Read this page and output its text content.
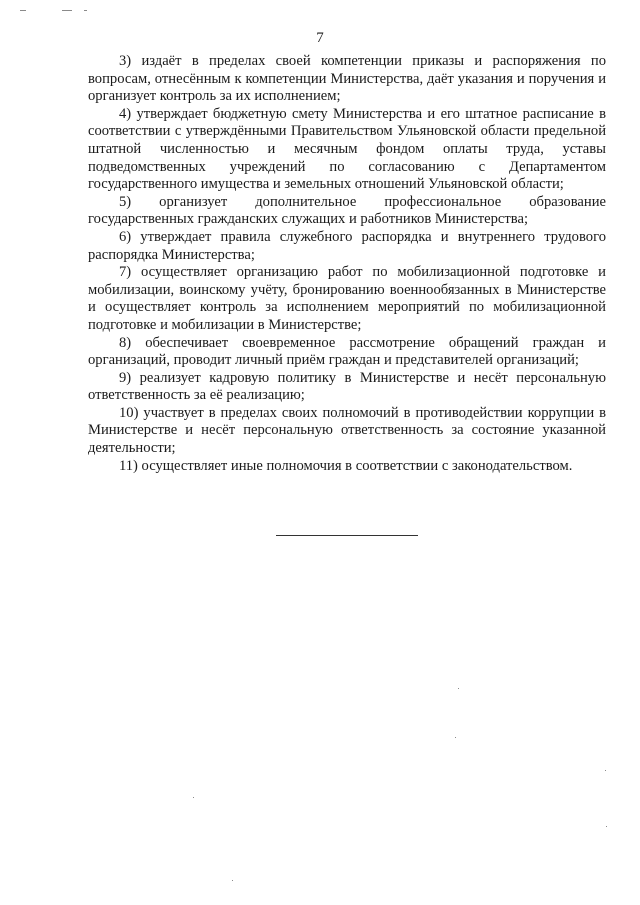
7

3) издаёт в пределах своей компетенции приказы и распоряжения по вопросам, отнесённым к компетенции Министерства, даёт указания и поручения и организует контроль за их исполнением;

4) утверждает бюджетную смету Министерства и его штатное расписание в соответствии с утверждёнными Правительством Ульяновской области предельной штатной численностью и месячным фондом оплаты труда, уставы подведомственных учреждений по согласованию с Департаментом государственного имущества и земельных отношений Ульяновской области;

5) организует дополнительное профессиональное образование государственных гражданских служащих и работников Министерства;

6) утверждает правила служебного распорядка и внутреннего трудового распорядка Министерства;

7) осуществляет организацию работ по мобилизационной подготовке и мобилизации, воинскому учёту, бронированию военнообязанных в Министерстве и осуществляет контроль за исполнением мероприятий по мобилизационной подготовке и мобилизации в Министерстве;

8) обеспечивает своевременное рассмотрение обращений граждан и организаций, проводит личный приём граждан и представителей организаций;

9) реализует кадровую политику в Министерстве и несёт персональную ответственность за её реализацию;

10) участвует в пределах своих полномочий в противодействии коррупции в Министерстве и несёт персональную ответственность за состояние указанной деятельности;

11) осуществляет иные полномочия в соответствии с законодательством.
